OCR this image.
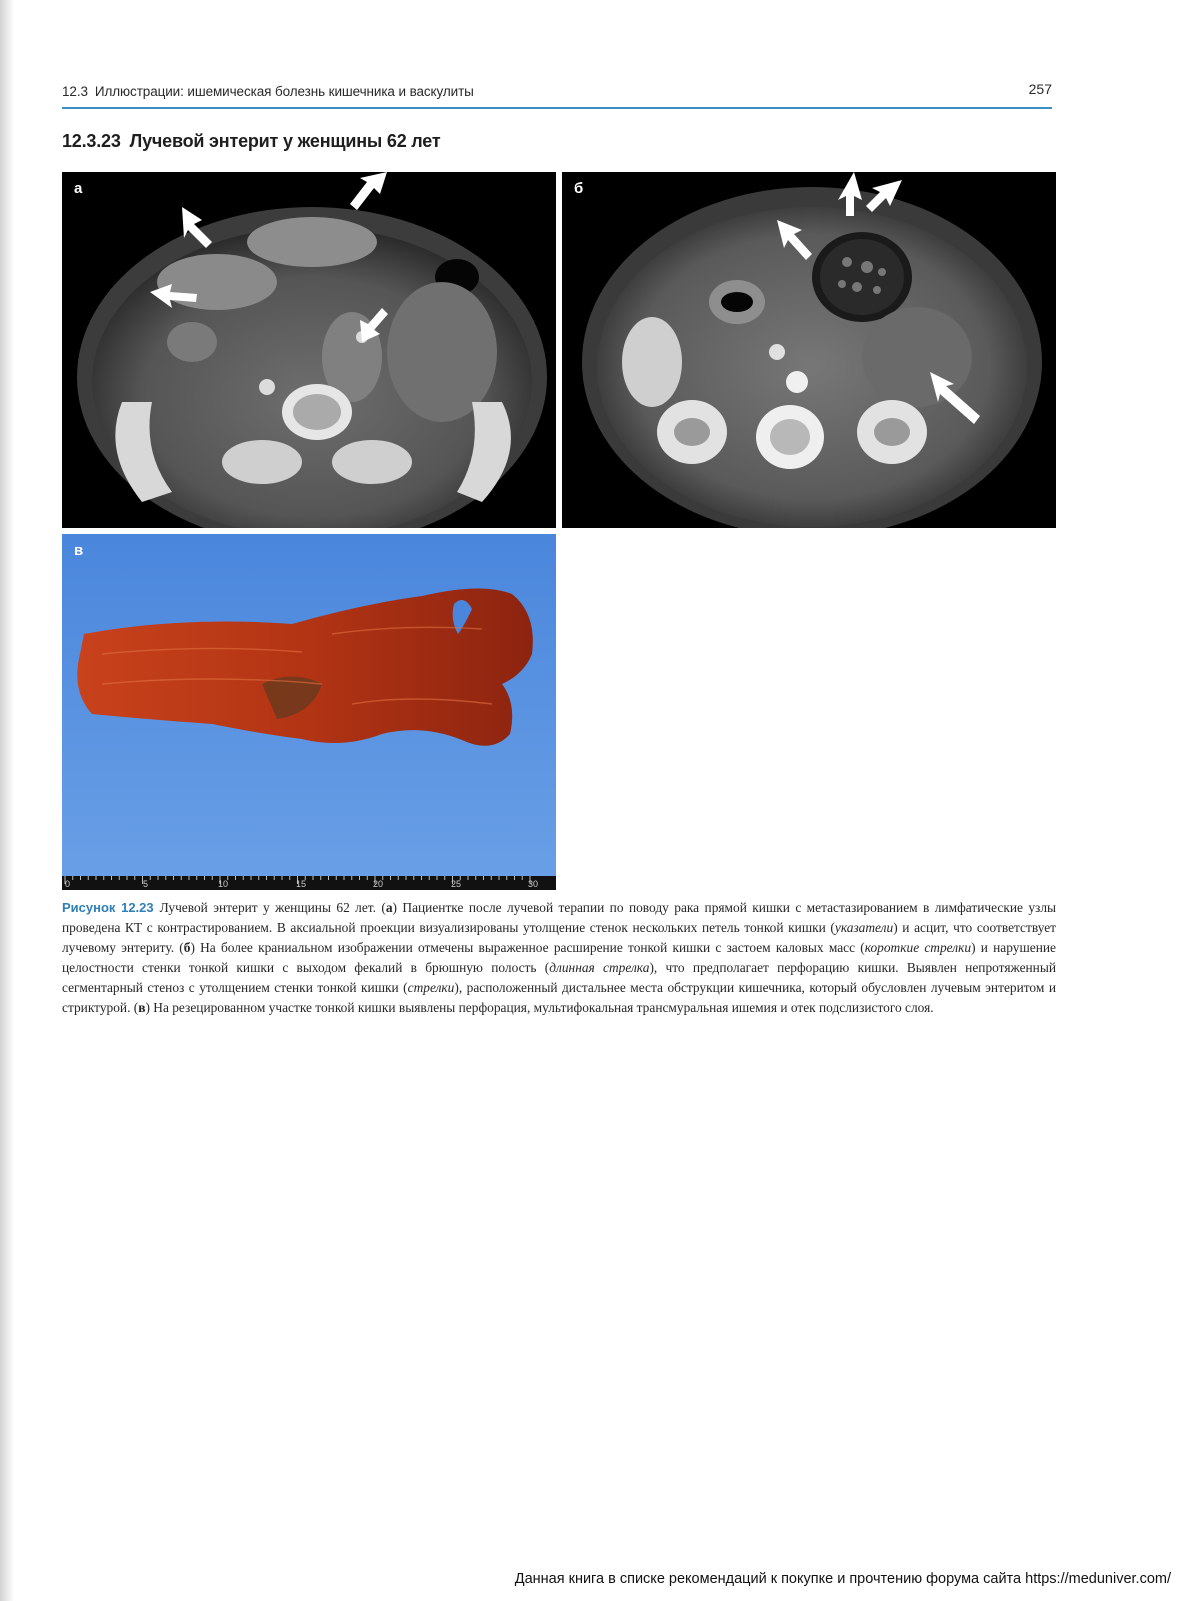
12.3 Иллюстрации: ишемическая болезнь кишечника и васкулиты	257
12.3.23 Лучевой энтерит у женщины 62 лет
а	б
0	5	10	15	20	25	30
в
Рисунок 12.23 Лучевой энтерит у женщины 62 лет. (а) Пациентке после лучевой терапии по поводу рака прямой кишки с метастазированием в лимфатические узлы проведена КТ с контрастированием. В аксиальной проекции визуализированы утолщение стенок нескольких петель тонкой кишки (указатели) и асцит, что соответствует лучевому энтериту. (б) На более краниальном изображении отмечены выраженное расширение тонкой кишки с застоем каловых масс (короткие стрелки) и нарушение целостности стенки тонкой кишки с выходом фекалий в брюшную полость (длинная стрелка), что предполагает перфорацию кишки. Выявлен непротяженный сегментарный стеноз с утолщением стенки тонкой кишки (стрелки), расположенный дистальнее места обструкции кишечника, который обусловлен лучевым энтеритом и стриктурой. (в) На резецированном участке тонкой кишки выявлены перфорация, мультифокальная трансмуральная ишемия и отек подслизистого слоя.
Данная книга в списке рекомендаций к покупке и прочтению форума сайта https://meduniver.com/
